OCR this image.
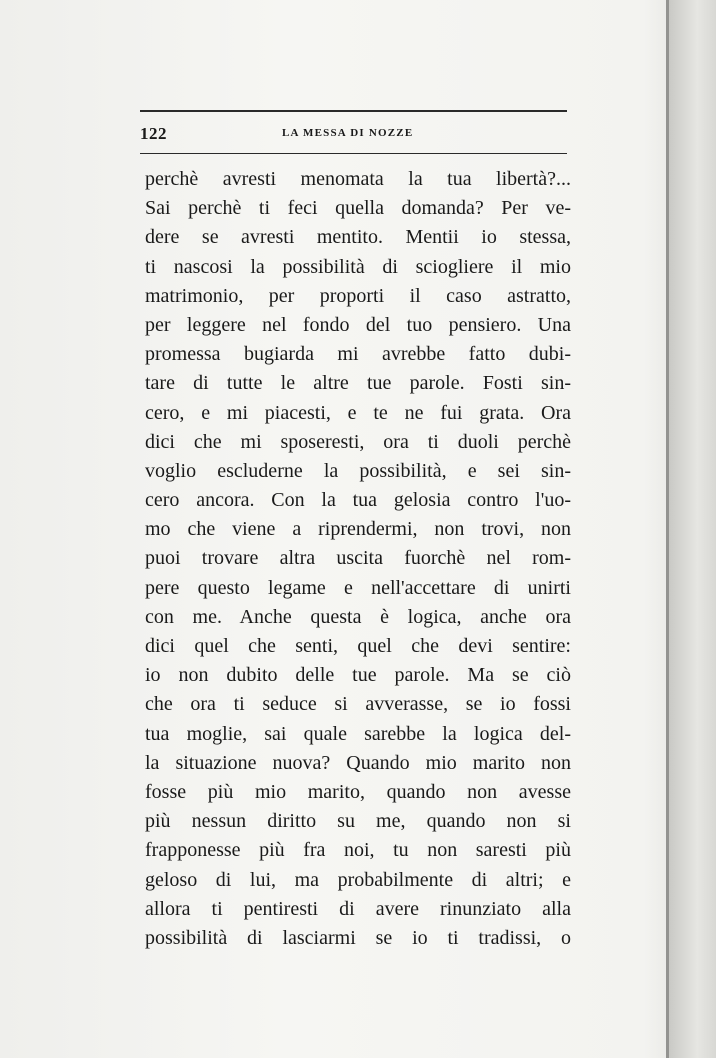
122	LA MESSA DI NOZZE
perchè avresti menomata la tua libertà?...
Sai perchè ti feci quella domanda? Per ve-
dere se avresti mentito. Mentii io stessa,
ti nascosi la possibilità di sciogliere il mio
matrimonio, per proporti il caso astratto,
per leggere nel fondo del tuo pensiero. Una
promessa bugiarda mi avrebbe fatto dubi-
tare di tutte le altre tue parole. Fosti sin-
cero, e mi piacesti, e te ne fui grata. Ora
dici che mi sposeresti, ora ti duoli perchè
voglio escluderne la possibilità, e sei sin-
cero ancora. Con la tua gelosia contro l'uo-
mo che viene a riprendermi, non trovi, non
puoi trovare altra uscita fuorchè nel rom-
pere questo legame e nell'accettare di unirti
con me. Anche questa è logica, anche ora
dici quel che senti, quel che devi sentire:
io non dubito delle tue parole. Ma se ciò
che ora ti seduce si avverasse, se io fossi
tua moglie, sai quale sarebbe la logica del-
la situazione nuova? Quando mio marito non
fosse più mio marito, quando non avesse
più nessun diritto su me, quando non si
frapponesse più fra noi, tu non saresti più
geloso di lui, ma probabilmente di altri; e
allora ti pentiresti di avere rinunziato alla
possibilità di lasciarmi se io ti tradissi, o
